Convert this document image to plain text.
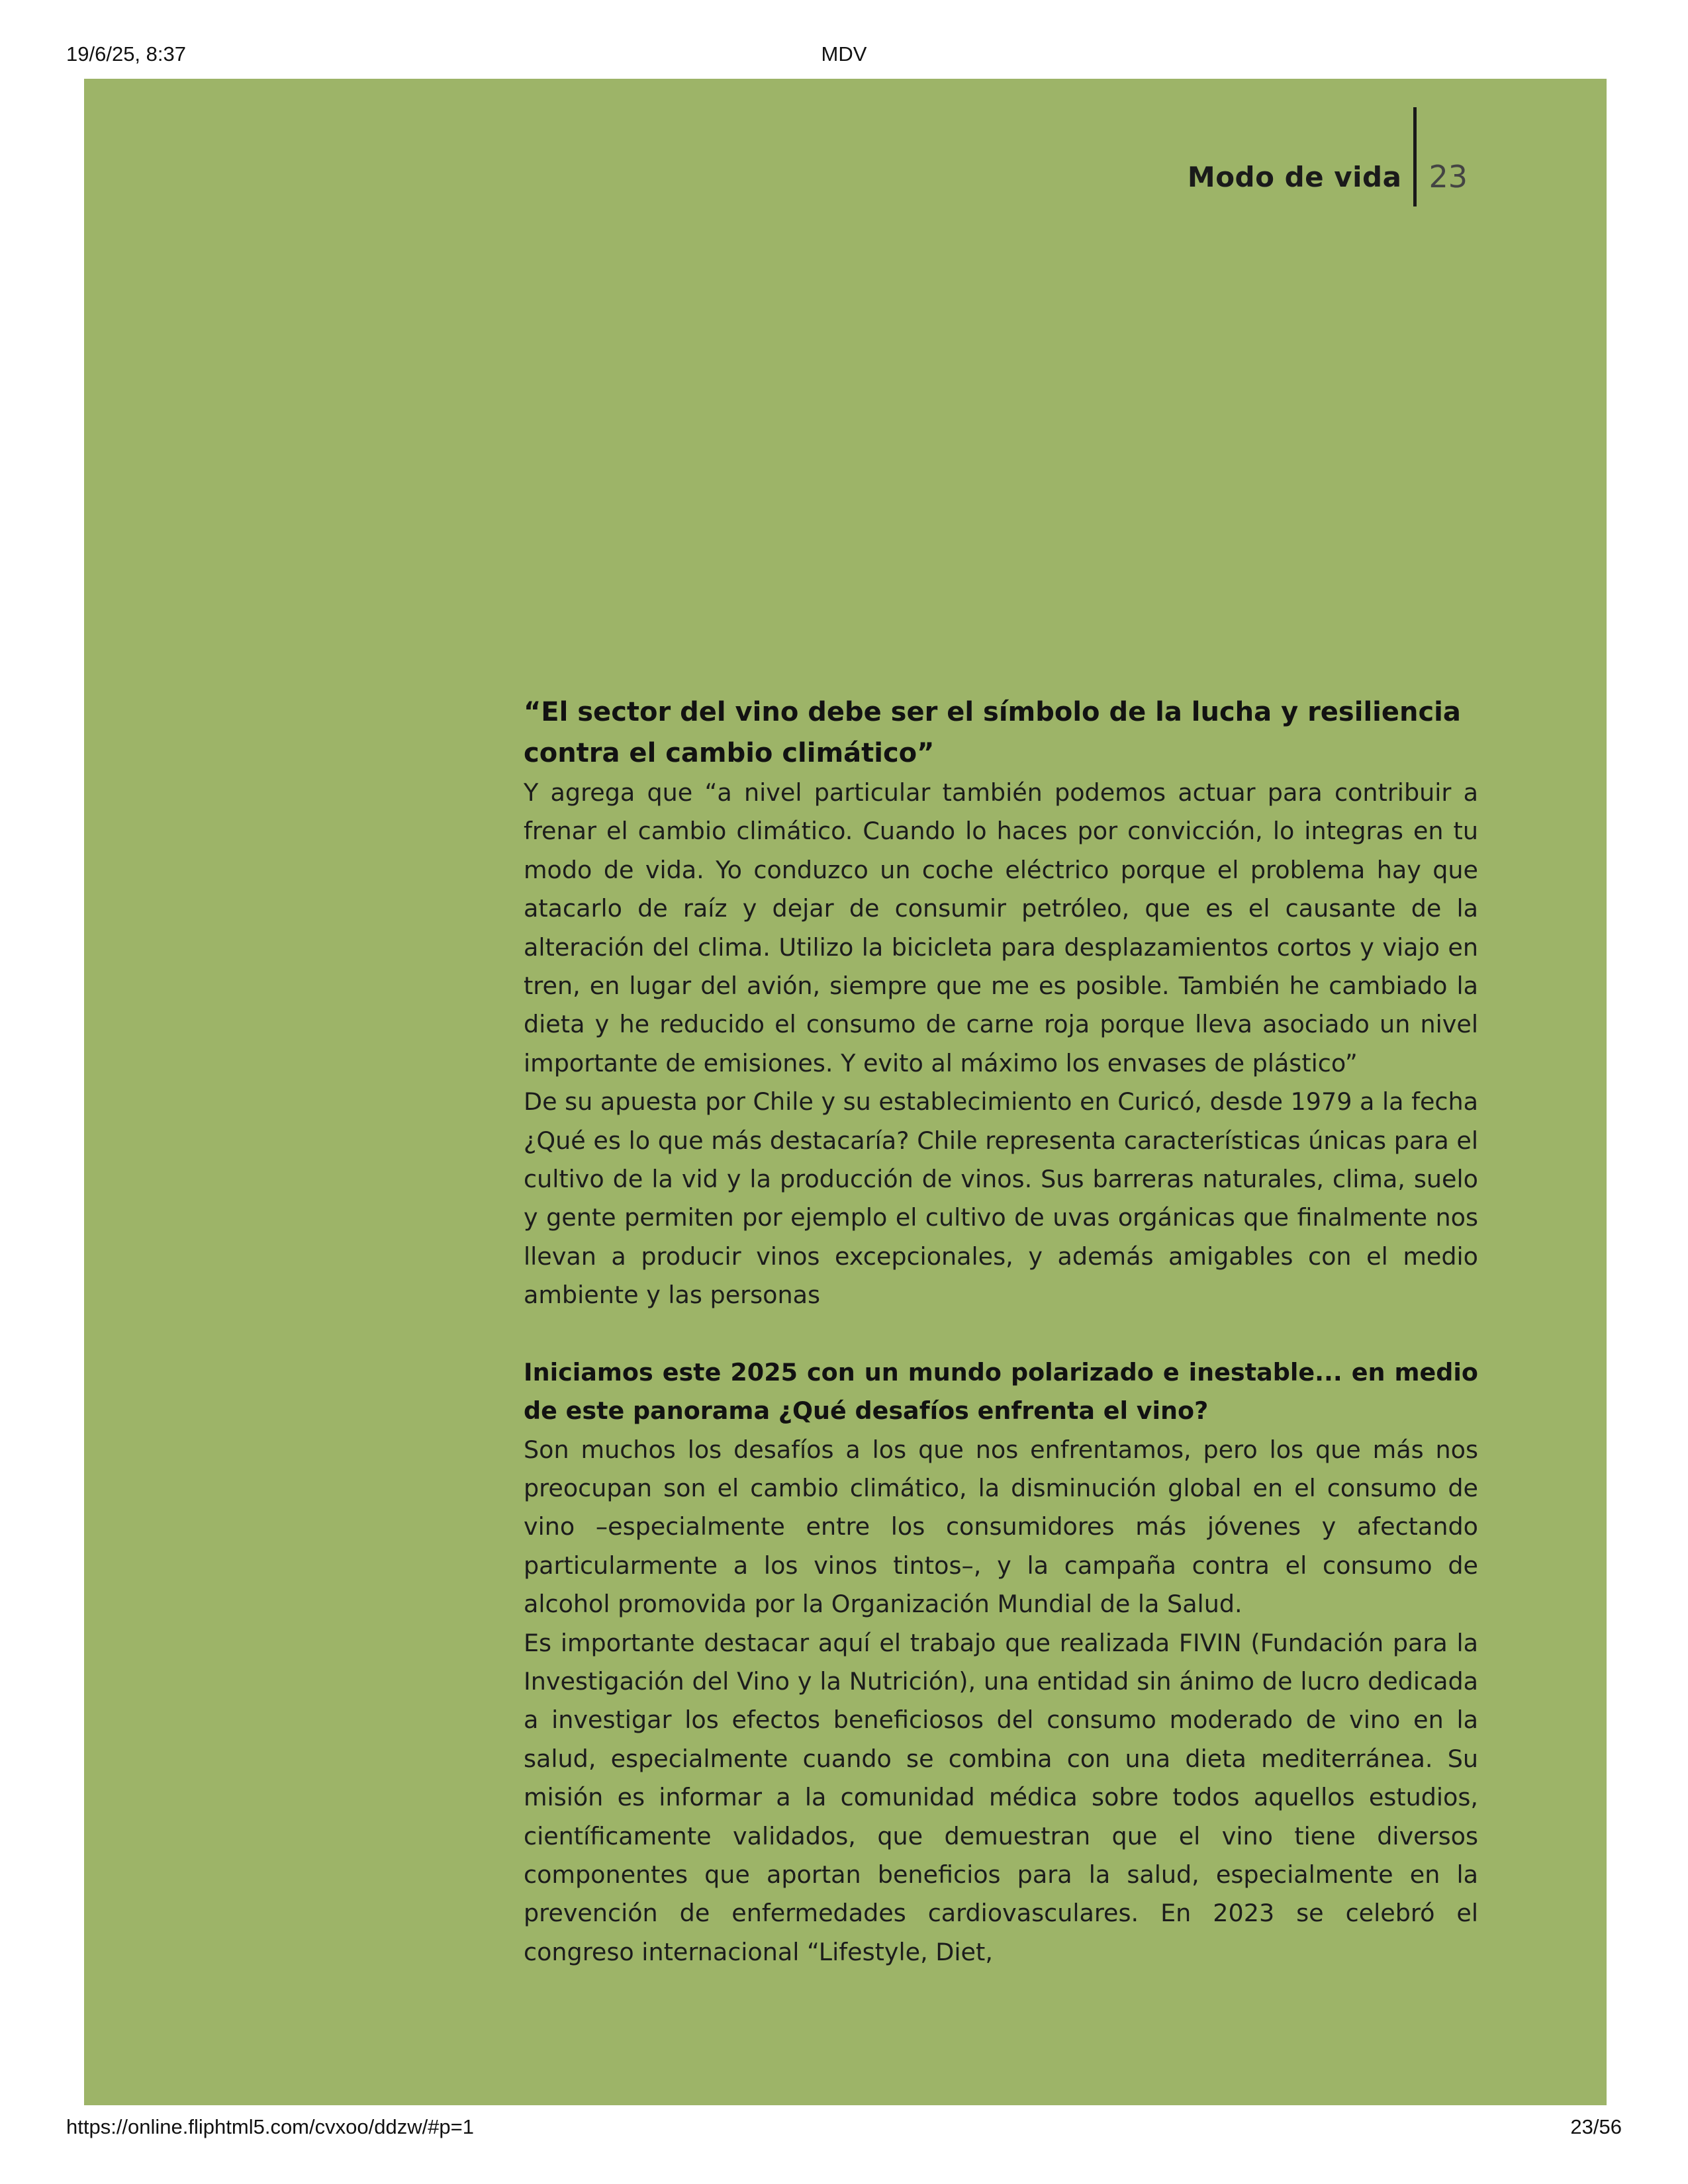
19/6/25, 8:37	MDV
Modo de vida 23

“El sector del vino debe ser el símbolo de la lucha y resiliencia contra el cambio climático”

Y agrega que “a nivel particular también podemos actuar para contribuir a frenar el cambio climático. Cuando lo haces por convicción, lo integras en tu modo de vida. Yo conduzco un coche eléctrico porque el problema hay que atacarlo de raíz y dejar de consumir petróleo, que es el causante de la alteración del clima. Utilizo la bicicleta para desplazamientos cortos y viajo en tren, en lugar del avión, siempre que me es posible. También he cambiado la dieta y he reducido el consumo de carne roja porque lleva asociado un nivel importante de emisiones. Y evito al máximo los envases de plástico”

De su apuesta por Chile y su establecimiento en Curicó, desde 1979 a la fecha ¿Qué es lo que más destacaría? Chile representa características únicas para el cultivo de la vid y la producción de vinos. Sus barreras naturales, clima, suelo y gente permiten por ejemplo el cultivo de uvas orgánicas que finalmente nos llevan a producir vinos excepcionales, y además amigables con el medio ambiente y las personas

Iniciamos este 2025 con un mundo polarizado e inestable... en medio de este panorama ¿Qué desafíos enfrenta el vino?

Son muchos los desafíos a los que nos enfrentamos, pero los que más nos preocupan son el cambio climático, la disminución global en el consumo de vino –especialmente entre los consumidores más jóvenes y afectando particularmente a los vinos tintos–, y la campaña contra el consumo de alcohol promovida por la Organización Mundial de la Salud.

Es importante destacar aquí el trabajo que realizada FIVIN (Fundación para la Investigación del Vino y la Nutrición), una entidad sin ánimo de lucro dedicada a investigar los efectos beneficiosos del consumo moderado de vino en la salud, especialmente cuando se combina con una dieta mediterránea. Su misión es informar a la comunidad médica sobre todos aquellos estudios, científicamente validados, que demuestran que el vino tiene diversos componentes que aportan beneficios para la salud, especialmente en la prevención de enfermedades cardiovasculares. En 2023 se celebró el congreso internacional “Lifestyle, Diet,

https://online.fliphtml5.com/cvxoo/ddzw/#p=1	23/56
